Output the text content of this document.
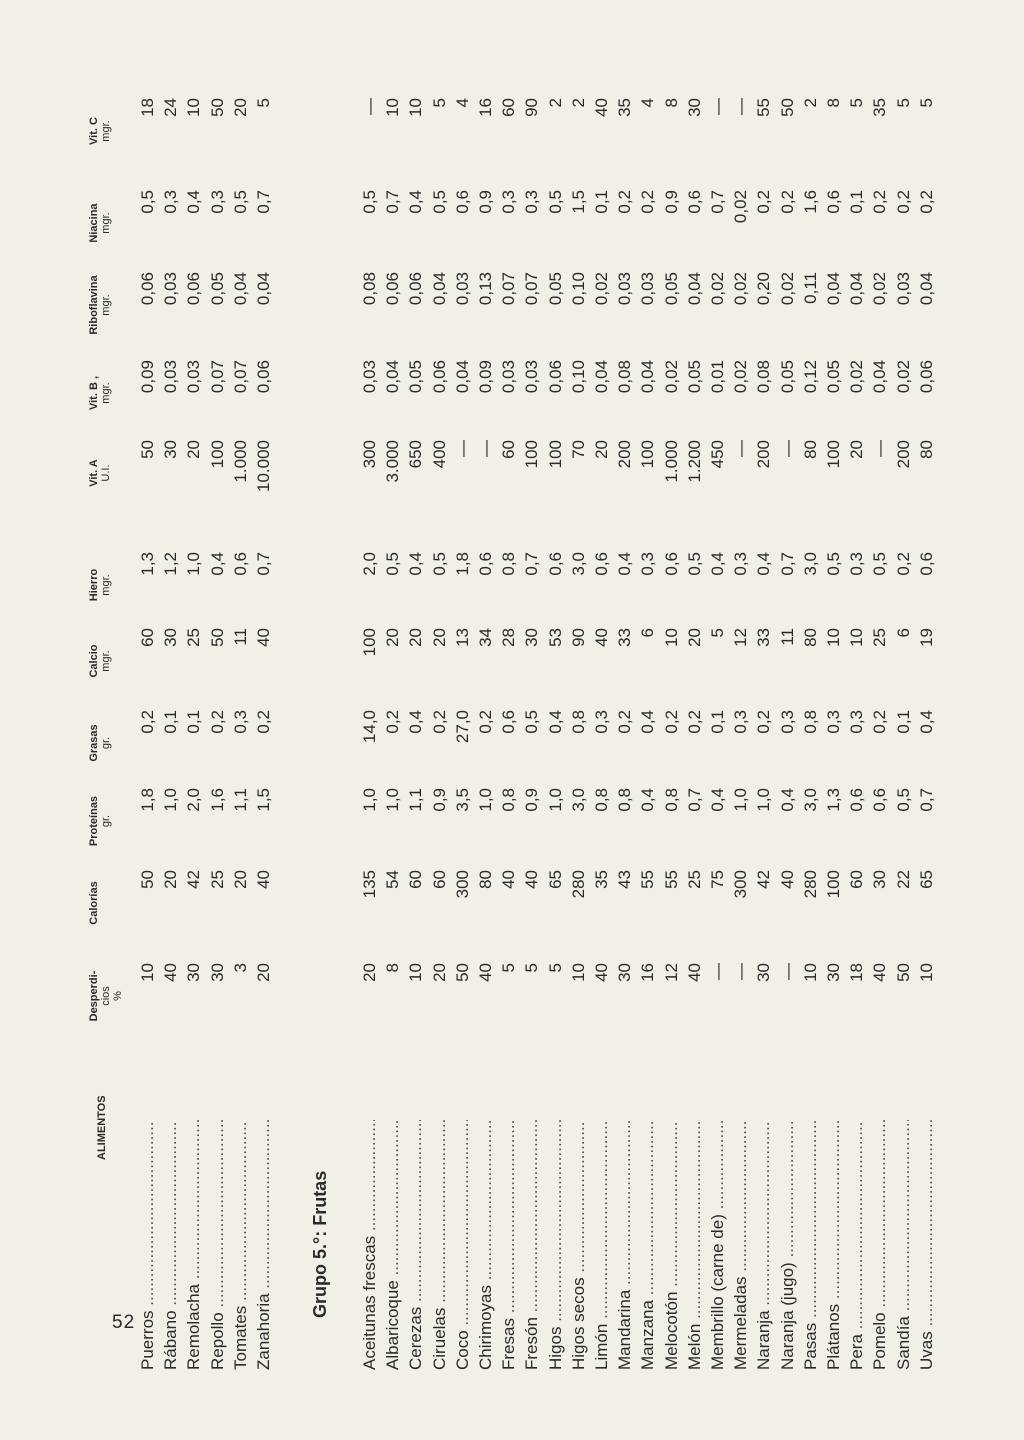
52
ALIMENTOS
Desperdi- cios %
Calorías
Proteínas gr.
Grasas gr.
Calcio mgr.
Hierro mgr.
Vit. A U.I.
Vit. B , mgr.
Riboflavina mgr.
Niacina mgr.
Vit. C mgr.
Puerros .....
10
50
1,8
0,2
60
1,3
50
0,09
0,06
0,5
18
Rábano .....
40
20
1,0
0,1
30
1,2
30
0,03
0,03
0,3
24
Remolacha .....
30
42
2,0
0,1
25
1,0
20
0,03
0,06
0,4
10
Repollo .....
30
25
1,6
0,2
50
0,4
100
0,07
0,05
0,3
50
Tomates .....
3
20
1,1
0,3
11
0,6
1.000
0,07
0,04
0,5
20
Zanahoria .....
20
40
1,5
0,2
40
0,7
10.000
0,06
0,04
0,7
5
Grupo 5.°: Frutas Aceitunas frescas .....
20
135
1,0
14,0
100
2,0
300
0,03
0,08
0,5
—
Albaricoque .....
8
54
1,0
0,2
20
0,5
3.000
0,04
0,06
0,7
10
Cerezas .....
10
60
1,1
0,4
20
0,4
650
0,05
0,06
0,4
10
Ciruelas .....
20
60
0,9
0,2
20
0,5
400
0,06
0,04
0,5
5
Coco .....
50
300
3,5
27,0
13
1,8
—
0,04
0,03
0,6
4
Chirimoyas .....
40
80
1,0
0,2
34
0,6
—
0,09
0,13
0,9
16
Fresas .....
5
40
0,8
0,6
28
0,8
60
0,03
0,07
0,3
60
Fresón .....
5
40
0,9
0,5
30
0,7
100
0,03
0,07
0,3
90
Higos .....
5
65
1,0
0,4
53
0,6
100
0,06
0,05
0,5
2
Higos secos .....
10
280
3,0
0,8
90
3,0
70
0,10
0,10
1,5
2
Limón .....
40
35
0,8
0,3
40
0,6
20
0,04
0,02
0,1
40
Mandarina .....
30
43
0,8
0,2
33
0,4
200
0,08
0,03
0,2
35
Manzana .....
16
55
0,4
0,4
6
0,3
100
0,04
0,03
0,2
4
Melocotón .....
12
55
0,8
0,2
10
0,6
1.000
0,02
0,05
0,9
8
Melón .....
40
25
0,7
0,2
20
0,5
1.200
0,05
0,04
0,6
30
Membrillo (carne de) .....
—
75
0,4
0,1
5
0,4
450
0,01
0,02
0,7
—
Mermeladas .....
—
300
1,0
0,3
12
0,3
—
0,02
0,02
0,02
—
Naranja .....
30
42
1,0
0,2
33
0,4
200
0,08
0,20
0,2
55
Naranja (jugo) .....
—
40
0,4
0,3
11
0,7
—
0,05
0,02
0,2
50
Pasas .....
10
280
3,0
0,8
80
3,0
80
0,12
0,11
1,6
2
Plátanos .....
30
100
1,3
0,3
10
0,5
100
0,05
0,04
0,6
8
Pera .....
18
60
0,6
0,3
10
0,3
20
0,02
0,04
0,1
5
Pomelo .....
40
30
0,6
0,2
25
0,5
—
0,04
0,02
0,2
35
Sandía .....
50
22
0,5
0,1
6
0,2
200
0,02
0,03
0,2
5
Uvas .....
10
65
0,7
0,4
19
0,6
80
0,06
0,04
0,2
5
